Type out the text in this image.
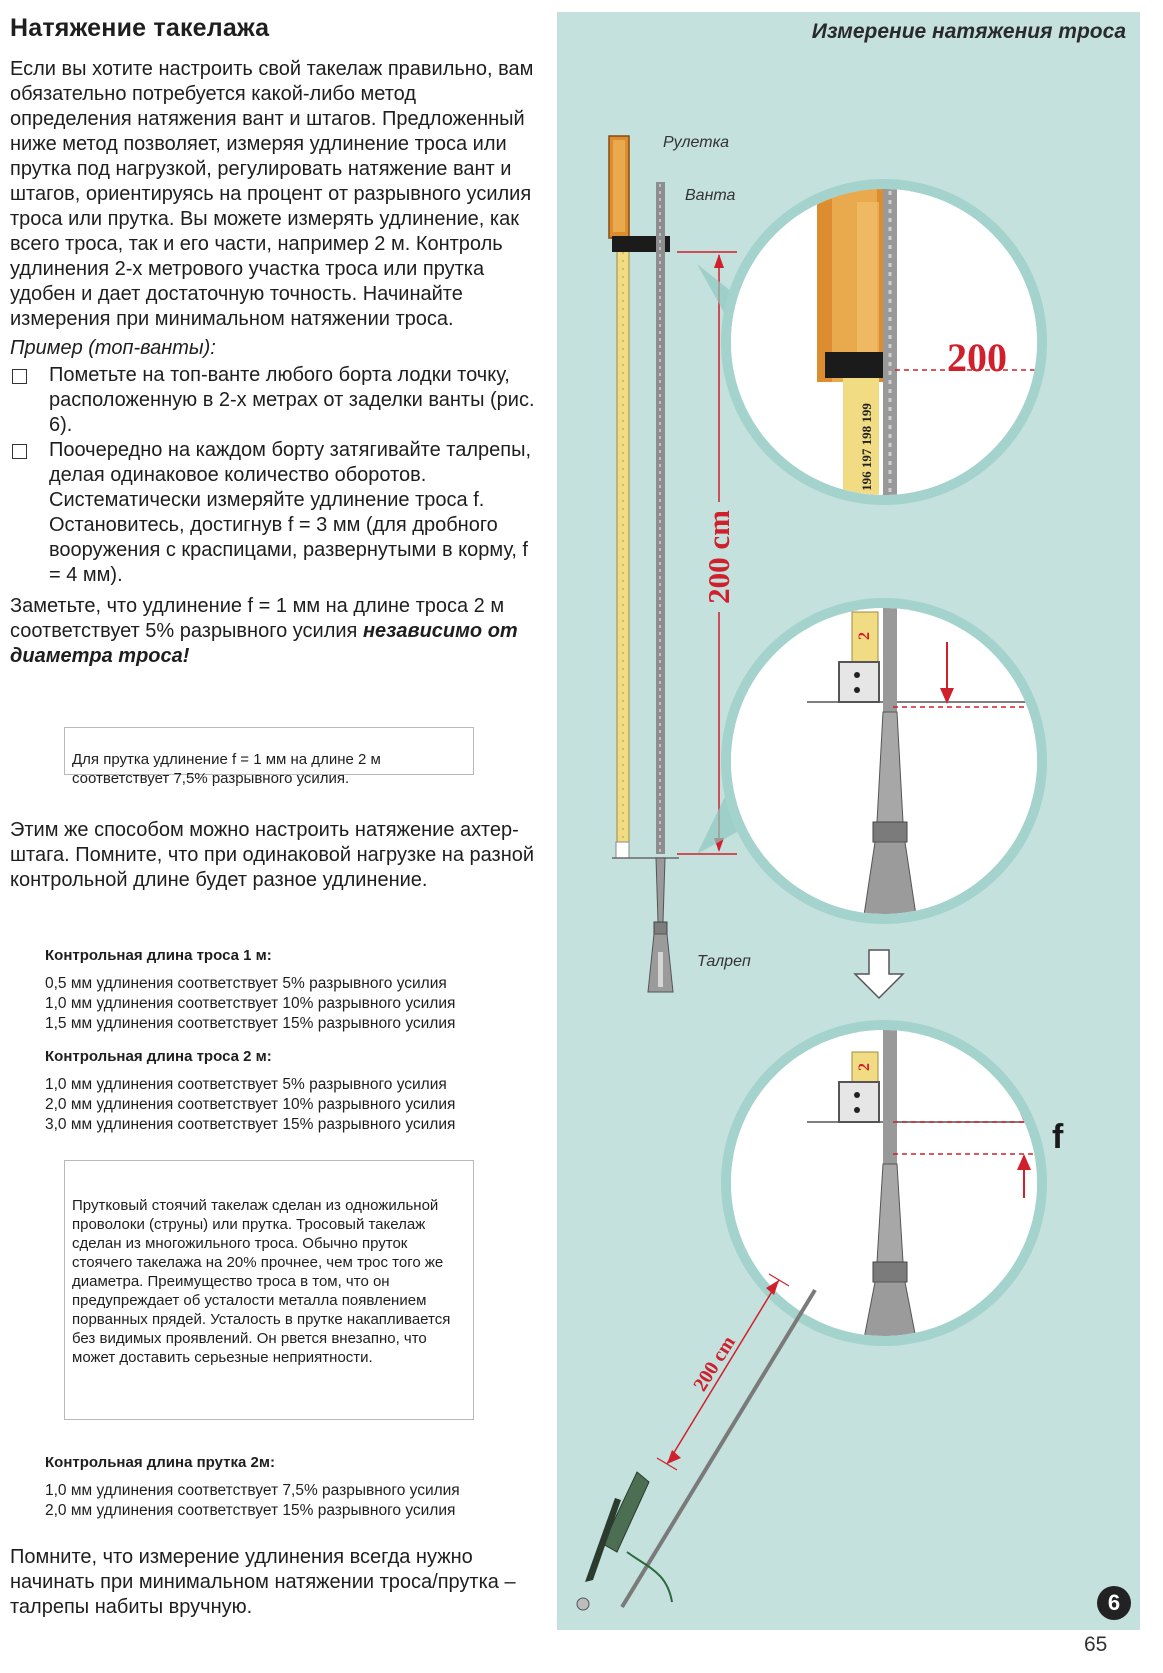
Натяжение такелажа

Если вы хотите настроить свой такелаж правильно, вам обязательно потребуется какой-либо метод определения натяжения вант и штагов. Предложенный ниже метод позволяет, измеряя удлинение троса или прутка под нагрузкой, регулировать натяжение вант и штагов, ориентируясь на процент от разрывного усилия троса или прутка. Вы можете измерять удлинение, как всего троса, так и его части, например 2 м. Контроль удлинения 2-х метрового участка троса или прутка удобен и дает достаточную точность. Начинайте измерения при минимальном натяжении троса.

Пример (топ-ванты):
Пометьте на топ-ванте любого борта лодки точку, расположенную в 2-х метрах от заделки ванты (рис. 6).
Поочередно на каждом борту затягивайте талрепы, делая одинаковое количество оборотов. Систематически измеряйте удлинение троса f. Остановитесь, достигнув f = 3 мм (для дробного вооружения с краспицами, развернутыми в корму, f = 4 мм).

Заметьте, что удлинение f = 1 мм на длине троса 2 м соответствует 5% разрывного усилия независимо от диаметра троса!

Для прутка удлинение f = 1 мм на длине 2 м соответствует 7,5% разрывного усилия.

Этим же способом можно настроить натяжение ахтер-штага. Помните, что при одинаковой нагрузке на разной контрольной длине будет разное удлинение.

Контрольная длина троса 1 м:
0,5 мм удлинения соответствует 5% разрывного усилия
1,0 мм удлинения соответствует 10% разрывного усилия
1,5 мм удлинения соответствует 15% разрывного усилия
Контрольная длина троса 2 м:
1,0 мм удлинения соответствует 5% разрывного усилия
2,0 мм удлинения соответствует 10% разрывного усилия
3,0 мм удлинения соответствует 15% разрывного усилия
Прутковый стоячий такелаж сделан из одножильной проволоки (струны) или прутка. Тросовый такелаж сделан из многожильного троса. Обычно пруток стоячего такелажа на 20% прочнее, чем трос того же диаметра. Преимущество троса в том, что он предупреждает об усталости металла появлением порванных прядей. Усталость в прутке накапливается без видимых проявлений. Он рвется внезапно, что может доставить серьезные неприятности.
Контрольная длина прутка 2м:
1,0 мм удлинения соответствует 7,5% разрывного усилия
2,0 мм удлинения соответствует 15% разрывного усилия
Помните, что измерение удлинения всегда нужно начинать при минимальном натяжении троса/прутка – талрепы набиты вручную.
Измерение натяжения троса
Рулетка
Ванта
Талреп
200 cm
200 cm
200
196 197 198 199
2
2
f
6
65
